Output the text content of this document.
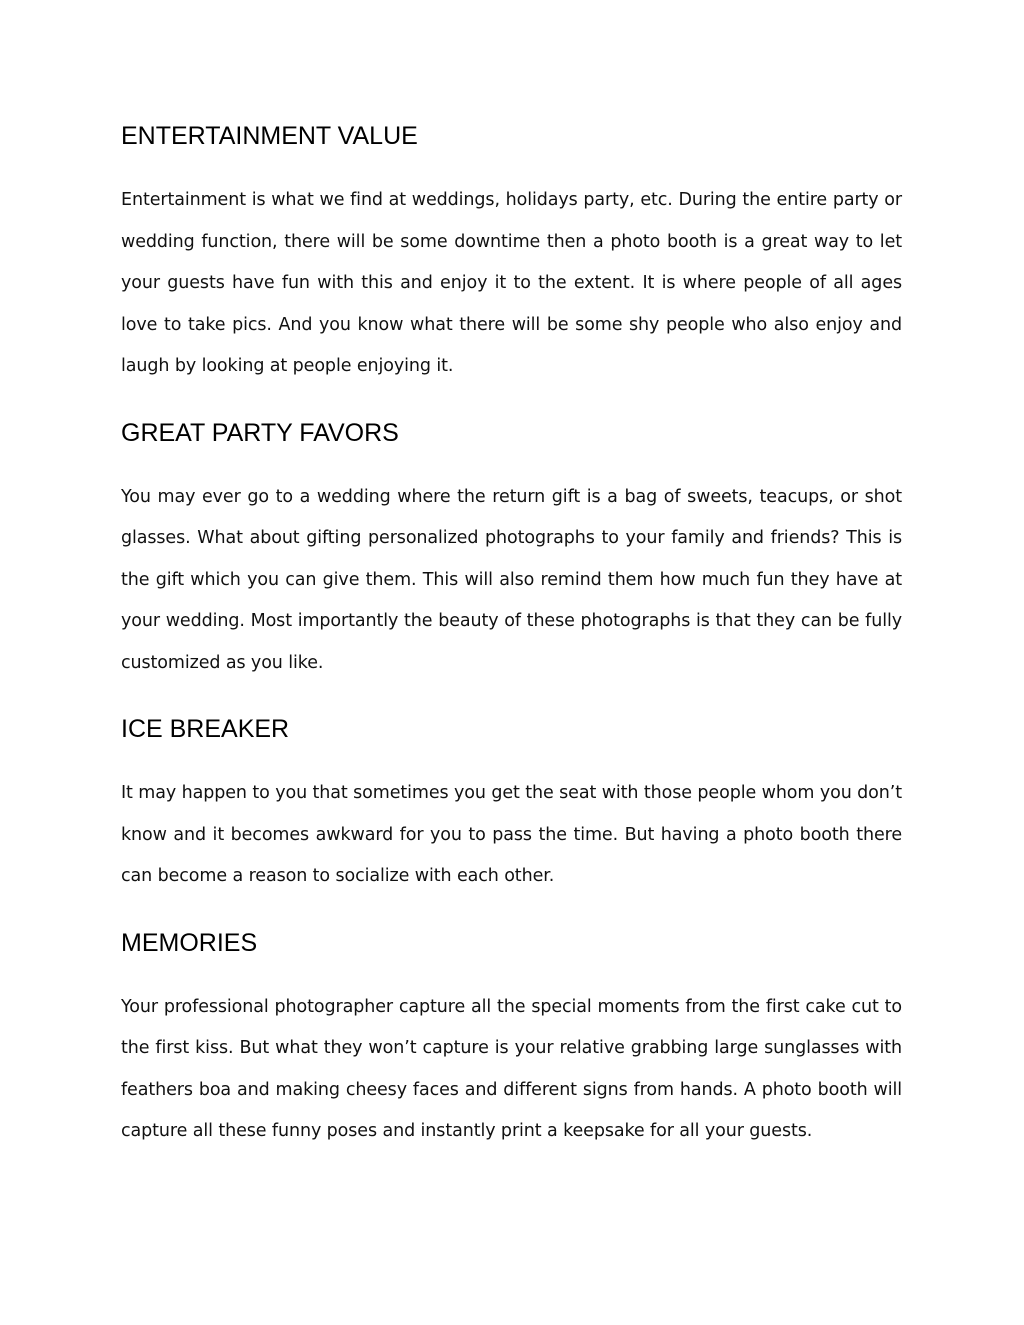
ENTERTAINMENT VALUE

Entertainment is what we find at weddings, holidays party, etc. During the entire party or wedding function, there will be some downtime then a photo booth is a great way to let your guests have fun with this and enjoy it to the extent. It is where people of all ages love to take pics. And you know what there will be some shy people who also enjoy and laugh by looking at people enjoying it.

GREAT PARTY FAVORS

You may ever go to a wedding where the return gift is a bag of sweets, teacups, or shot glasses. What about gifting personalized photographs to your family and friends? This is the gift which you can give them. This will also remind them how much fun they have at your wedding. Most importantly the beauty of these photographs is that they can be fully customized as you like.

ICE BREAKER

It may happen to you that sometimes you get the seat with those people whom you don’t know and it becomes awkward for you to pass the time. But having a photo booth there can become a reason to socialize with each other.

MEMORIES

Your professional photographer capture all the special moments from the first cake cut to the first kiss. But what they won’t capture is your relative grabbing large sunglasses with feathers boa and making cheesy faces and different signs from hands. A photo booth will capture all these funny poses and instantly print a keepsake for all your guests.
